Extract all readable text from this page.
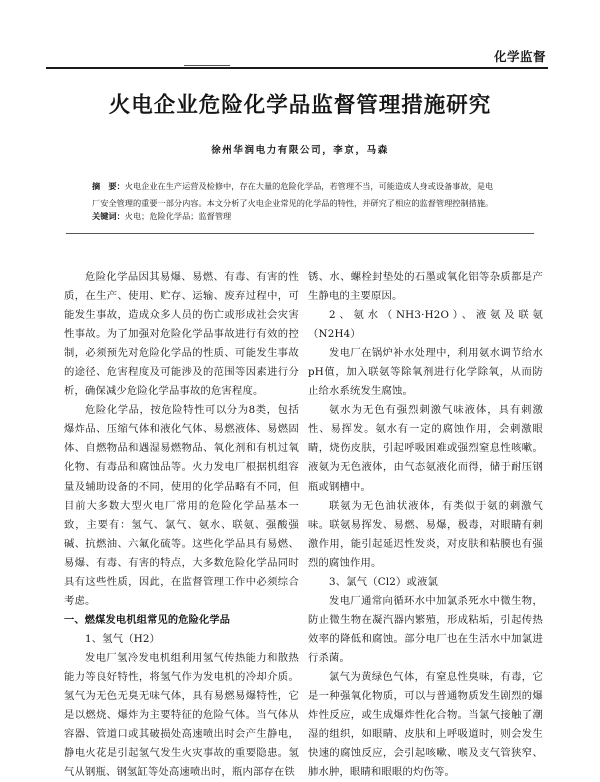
化学监督
火电企业危险化学品监督管理措施研究
徐州华润电力有限公司，李京，马森
摘　要：火电企业在生产运营及检修中，存在大量的危险化学品，若管理不当，可能造成人身或设备事故，是电厂安全管理的重要一部分内容。本文分析了火电企业常见的化学品的特性，并研究了相应的监督管理控制措施。
关键词：火电；危险化学品；监督管理

危险化学品因其易爆、易燃、有毒、有害的性质，在生产、使用、贮存、运输、废弃过程中，可能发生事故，造成众多人员的伤亡或形成社会灾害性事故。为了加强对危险化学品事故进行有效的控制，必须预先对危险化学品的性质、可能发生事故的途径、危害程度及可能涉及的范围等因素进行分析，确保减少危险化学品事故的危害程度。

危险化学品，按危险特性可以分为8类，包括爆炸品、压缩气体和液化气体、易燃液体、易燃固体、自燃物品和遇湿易燃物品、氧化剂和有机过氧化物、有毒品和腐蚀品等。火力发电厂根据机组容量及辅助设备的不同，使用的化学品略有不同，但目前大多数大型火电厂常用的危险化学品基本一致，主要有：氢气、氯气、氨水、联氨、强酸强碱、抗燃油、六氟化硫等。这些化学品具有易燃、易爆、有毒、有害的特点，大多数危险化学品同时具有这些性质，因此，在监督管理工作中必须综合考虑。

一、燃煤发电机组常见的危险化学品

1、氢气（H2）

发电厂氢冷发电机组利用氢气传热能力和散热能力等良好特性，将氢气作为发电机的冷却介质。氢气为无色无臭无味气体，具有易燃易爆特性，它是以燃烧、爆炸为主要特征的危险气体。当气体从容器、管道口或其破损处高速喷出时会产生静电，静电火花是引起氢气发生火灾事故的重要隐患。氢气从钢瓶、钢氢缸等处高速喷出时，瓶内部存在铁

锈、水、螺栓封垫处的石墨或氧化铝等杂质都是产生静电的主要原因。

2、氨水（NH3·H2O）、液氨及联氨（N2H4）

发电厂在锅炉补水处理中，利用氨水调节给水pH值，加入联氨等除氧剂进行化学除氧，从而防止给水系统发生腐蚀。

氨水为无色有强烈刺激气味液体，具有刺激性、易挥发。氨水有一定的腐蚀作用，会刺激眼睛，烧伤皮肤，引起呼吸困难或强烈窒息性咳嗽。液氨为无色液体，由气态氨液化而得，储于耐压钢瓶或钢槽中。

联氨为无色油状液体，有类似于氨的刺激气味。联氨易挥发、易燃、易爆，极毒，对眼睛有刺激作用，能引起延迟性发炎，对皮肤和粘膜也有强烈的腐蚀作用。

3、氯气（Cl2）或液氯

发电厂通常向循环水中加氯杀死水中微生物，防止微生物在凝汽器内繁殖，形成粘垢，引起传热效率的降低和腐蚀。部分电厂也在生活水中加氯进行杀菌。

氯气为黄绿色气体，有窒息性臭味，有毒，它是一种强氧化物质，可以与普通物质发生剧烈的爆炸性反应，或生成爆炸性化合物。当氯气接触了潮湿的组织，如眼睛、皮肤和上呼吸道时，则会发生快速的腐蚀反应，会引起咳嗽、喉及支气管狭窄、肺水肿，眼睛和眼眼的灼伤等。
